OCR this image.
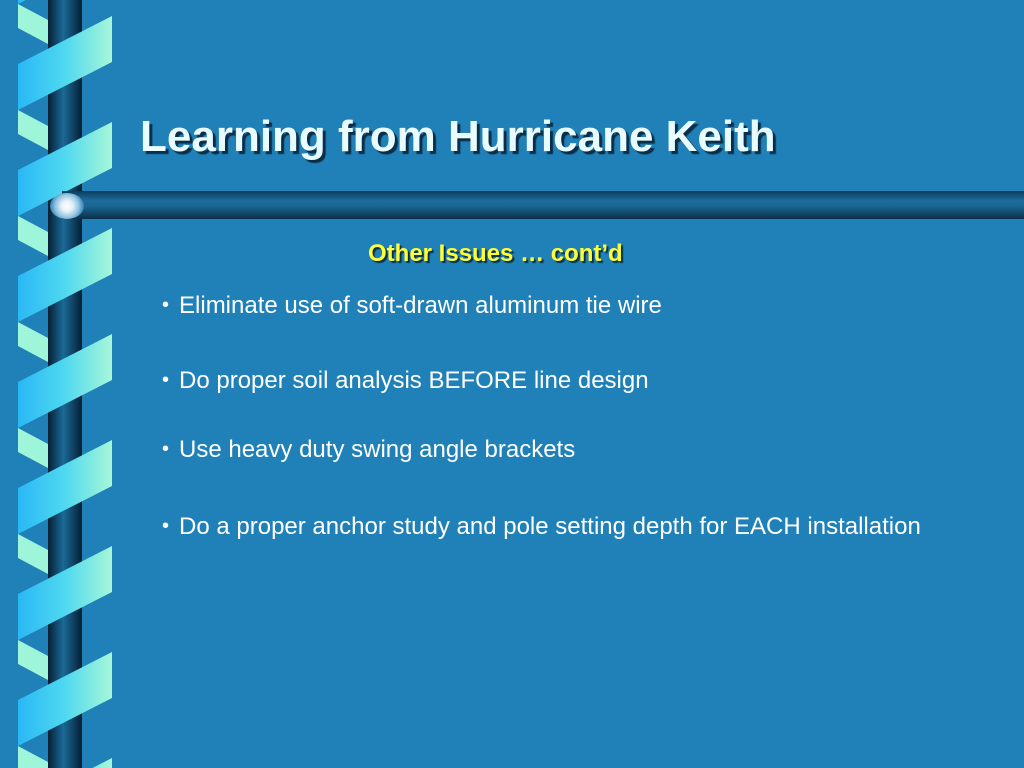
Learning from Hurricane Keith
Other Issues … cont’d

• Eliminate use of soft-drawn aluminum tie wire

• Do proper soil analysis BEFORE line design

• Use heavy duty swing angle brackets

• Do a proper anchor study and pole setting depth for EACH installation
